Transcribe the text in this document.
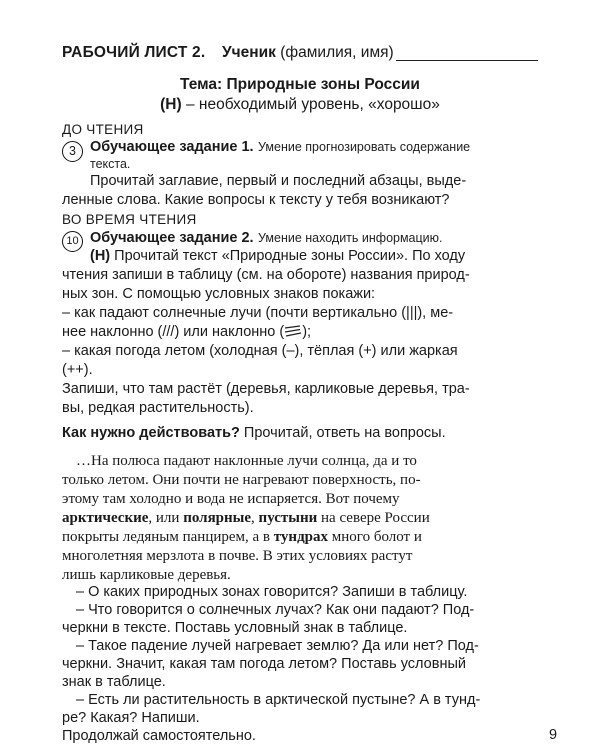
РАБОЧИЙ ЛИСТ 2. Ученик (фамилия, имя)
Тема: Природные зоны России
(Н) – необходимый уровень, «хорошо»
ДО ЧТЕНИЯ
3 Обучающее задание 1. Умение прогнозировать содержание
текста.
Прочитай заглавие, первый и последний абзацы, выде-
ленные слова. Какие вопросы к тексту у тебя возникают?
ВО ВРЕМЯ ЧТЕНИЯ
10 Обучающее задание 2. Умение находить информацию.
(Н) Прочитай текст «Природные зоны России». По ходу
чтения запиши в таблицу (см. на обороте) названия природ-
ных зон. С помощью условных знаков покажи:
– как падают солнечные лучи (почти вертикально (|||), ме-
нее наклонно (///) или наклонно ( );
– какая погода летом (холодная (–), тёплая (+) или жаркая
(++).
Запиши, что там растёт (деревья, карликовые деревья, тра-
вы, редкая растительность).
Как нужно действовать? Прочитай, ответь на вопросы.
…На полюса падают наклонные лучи солнца, да и то
только летом. Они почти не нагревают поверхность, по-
этому там холодно и вода не испаряется. Вот почему
арктические, или полярные, пустыни на севере России
покрыты ледяным панцирем, а в тундрах много болот и
многолетняя мерзлота в почве. В этих условиях растут
лишь карликовые деревья.
– О каких природных зонах говорится? Запиши в таблицу.
– Что говорится о солнечных лучах? Как они падают? Под-
черкни в тексте. Поставь условный знак в таблице.
– Такое падение лучей нагревает землю? Да или нет? Под-
черкни. Значит, какая там погода летом? Поставь условный
знак в таблице.
– Есть ли растительность в арктической пустыне? А в тунд-
ре? Какая? Напиши.
9
Продолжай самостоятельно.
